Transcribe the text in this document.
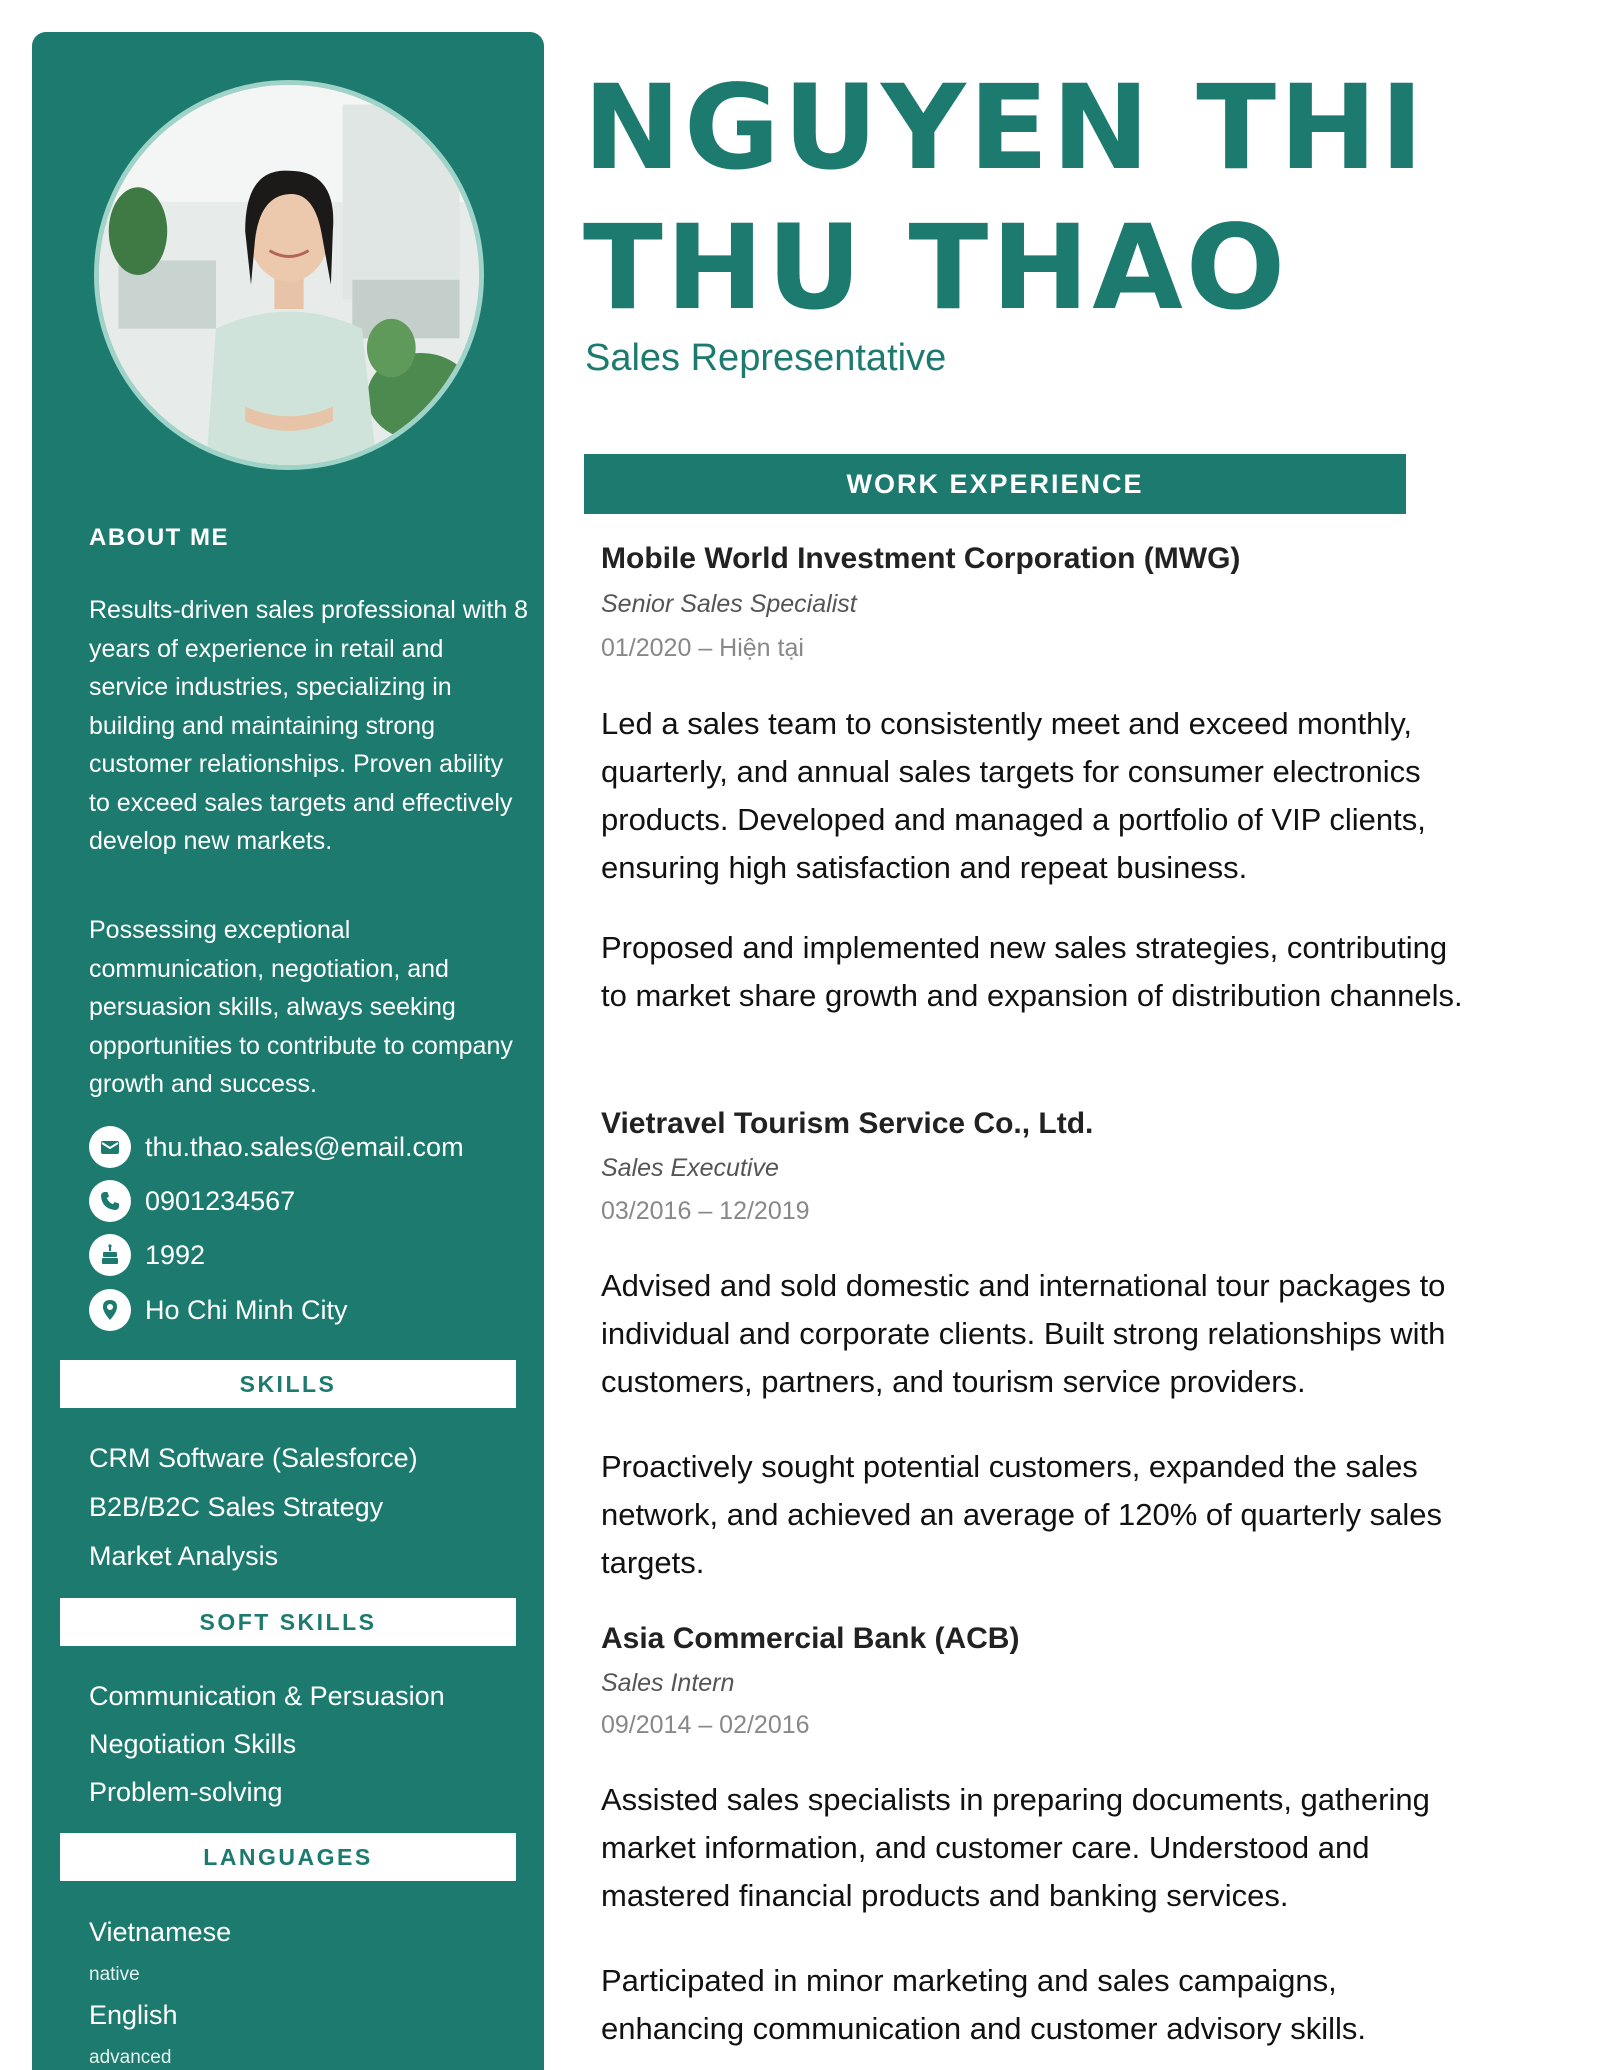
ABOUT ME
Results-driven sales professional with 8 years of experience in retail and service industries, specializing in building and maintaining strong customer relationships. Proven ability to exceed sales targets and effectively develop new markets.
Possessing exceptional communication, negotiation, and persuasion skills, always seeking opportunities to contribute to company growth and success.
thu.thao.sales@email.com
0901234567
1992
Ho Chi Minh City
SKILLS
CRM Software (Salesforce)
B2B/B2C Sales Strategy
Market Analysis
SOFT SKILLS
Communication & Persuasion
Negotiation Skills
Problem-solving
LANGUAGES
Vietnamese
native
English
advanced
NGUYEN THI
THU THAO
Sales Representative
WORK EXPERIENCE
Mobile World Investment Corporation (MWG)
Senior Sales Specialist
01/2020 – Hiện tại
Led a sales team to consistently meet and exceed monthly, quarterly, and annual sales targets for consumer electronics products. Developed and managed a portfolio of VIP clients, ensuring high satisfaction and repeat business.
Proposed and implemented new sales strategies, contributing to market share growth and expansion of distribution channels.
Vietravel Tourism Service Co., Ltd.
Sales Executive
03/2016 – 12/2019
Advised and sold domestic and international tour packages to individual and corporate clients. Built strong relationships with customers, partners, and tourism service providers.
Proactively sought potential customers, expanded the sales network, and achieved an average of 120% of quarterly sales targets.
Asia Commercial Bank (ACB)
Sales Intern
09/2014 – 02/2016
Assisted sales specialists in preparing documents, gathering market information, and customer care. Understood and mastered financial products and banking services.
Participated in minor marketing and sales campaigns, enhancing communication and customer advisory skills.
